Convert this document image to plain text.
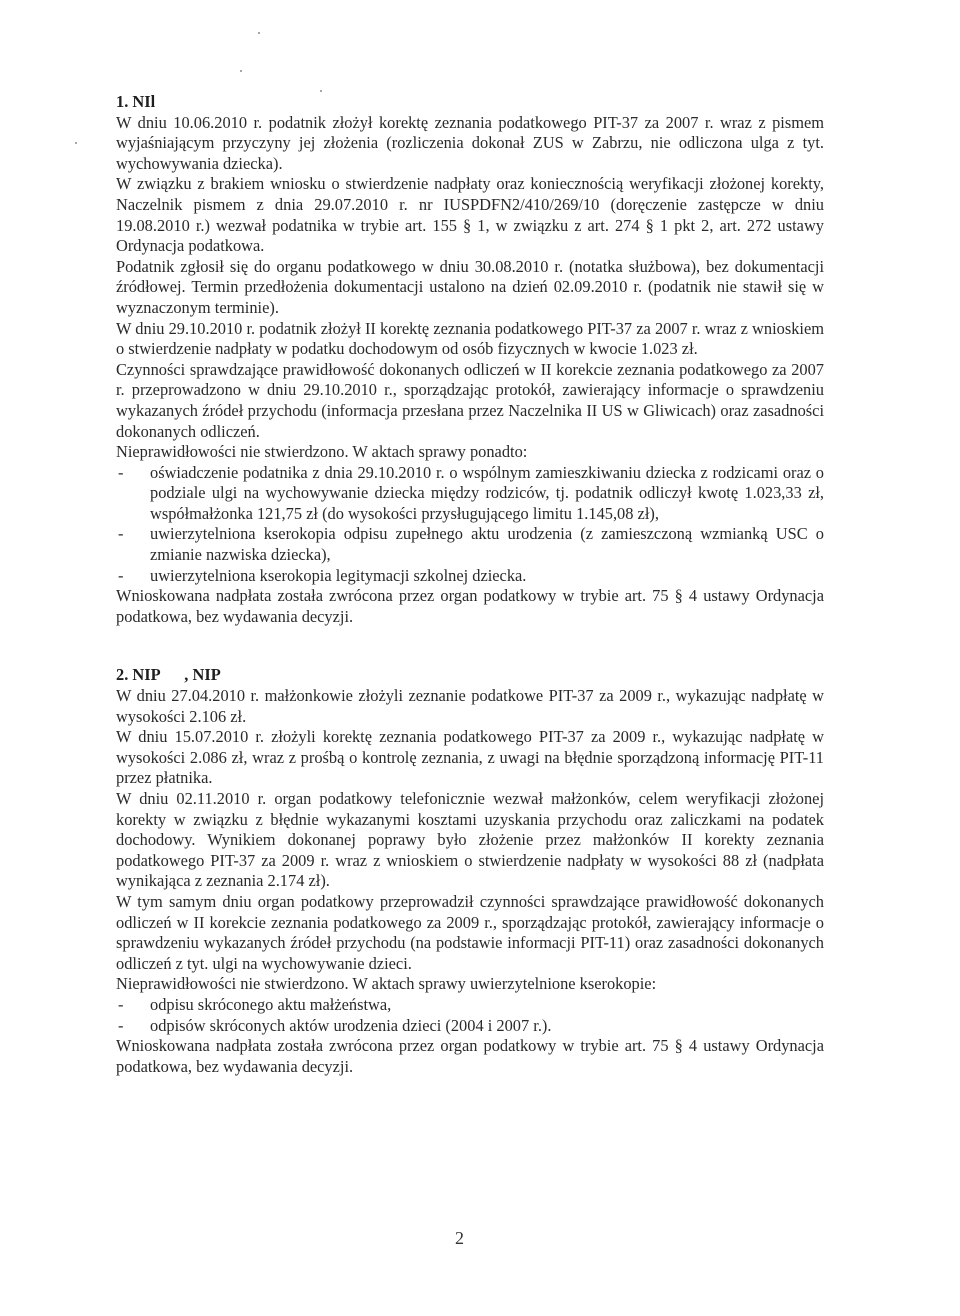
1. NIl

W dniu 10.06.2010 r. podatnik złożył korektę zeznania podatkowego PIT-37 za 2007 r. wraz z pismem wyjaśniającym przyczyny jej złożenia (rozliczenia dokonał ZUS w Zabrzu, nie odliczona ulga z tyt. wychowywania dziecka).

W związku z brakiem wniosku o stwierdzenie nadpłaty oraz koniecznością weryfikacji złożonej korekty, Naczelnik pismem z dnia 29.07.2010 r. nr IUSPDFN2/410/269/10 (doręczenie zastępcze w dniu 19.08.2010 r.) wezwał podatnika w trybie art. 155 § 1, w związku z art. 274 § 1 pkt 2, art. 272 ustawy Ordynacja podatkowa.

Podatnik zgłosił się do organu podatkowego w dniu 30.08.2010 r. (notatka służbowa), bez dokumentacji źródłowej. Termin przedłożenia dokumentacji ustalono na dzień 02.09.2010 r. (podatnik nie stawił się w wyznaczonym terminie).

W dniu 29.10.2010 r. podatnik złożył II korektę zeznania podatkowego PIT-37 za 2007 r. wraz z wnioskiem o stwierdzenie nadpłaty w podatku dochodowym od osób fizycznych w kwocie 1.023 zł.

Czynności sprawdzające prawidłowość dokonanych odliczeń w II korekcie zeznania podatkowego za 2007 r. przeprowadzono w dniu 29.10.2010 r., sporządzając protokół, zawierający informacje o sprawdzeniu wykazanych źródeł przychodu (informacja przesłana przez Naczelnika II US w Gliwicach) oraz zasadności dokonanych odliczeń.

Nieprawidłowości nie stwierdzono. W aktach sprawy ponadto:

- oświadczenie podatnika z dnia 29.10.2010 r. o wspólnym zamieszkiwaniu dziecka z rodzicami oraz o podziale ulgi na wychowywanie dziecka między rodziców, tj. podatnik odliczył kwotę 1.023,33 zł, współmałżonka 121,75 zł (do wysokości przysługującego limitu 1.145,08 zł),
- uwierzytelniona kserokopia odpisu zupełnego aktu urodzenia (z zamieszczoną wzmianką USC o zmianie nazwiska dziecka),
- uwierzytelniona kserokopia legitymacji szkolnej dziecka.

Wnioskowana nadpłata została zwrócona przez organ podatkowy w trybie art. 75 § 4 ustawy Ordynacja podatkowa, bez wydawania decyzji.

2. NIP      , NIP

W dniu 27.04.2010 r. małżonkowie złożyli zeznanie podatkowe PIT-37 za 2009 r., wykazując nadpłatę w wysokości 2.106 zł.

W dniu 15.07.2010 r. złożyli korektę zeznania podatkowego PIT-37 za 2009 r., wykazując nadpłatę w wysokości 2.086 zł, wraz z prośbą o kontrolę zeznania, z uwagi na błędnie sporządzoną informację PIT-11 przez płatnika.

W dniu 02.11.2010 r. organ podatkowy telefonicznie wezwał małżonków, celem weryfikacji złożonej korekty w związku z błędnie wykazanymi kosztami uzyskania przychodu oraz zaliczkami na podatek dochodowy. Wynikiem dokonanej poprawy było złożenie przez małżonków II korekty zeznania podatkowego PIT-37 za 2009 r. wraz z wnioskiem o stwierdzenie nadpłaty w wysokości 88 zł (nadpłata wynikająca z zeznania 2.174 zł).

W tym samym dniu organ podatkowy przeprowadził czynności sprawdzające prawidłowość dokonanych odliczeń w II korekcie zeznania podatkowego za 2009 r., sporządzając protokół, zawierający informacje o sprawdzeniu wykazanych źródeł przychodu (na podstawie informacji PIT-11) oraz zasadności dokonanych odliczeń z tyt. ulgi na wychowywanie dzieci.

Nieprawidłowości nie stwierdzono. W aktach sprawy uwierzytelnione kserokopie:

- odpisu skróconego aktu małżeństwa,
- odpisów skróconych aktów urodzenia dzieci (2004 i 2007 r.).

Wnioskowana nadpłata została zwrócona przez organ podatkowy w trybie art. 75 § 4 ustawy Ordynacja podatkowa, bez wydawania decyzji.

2
